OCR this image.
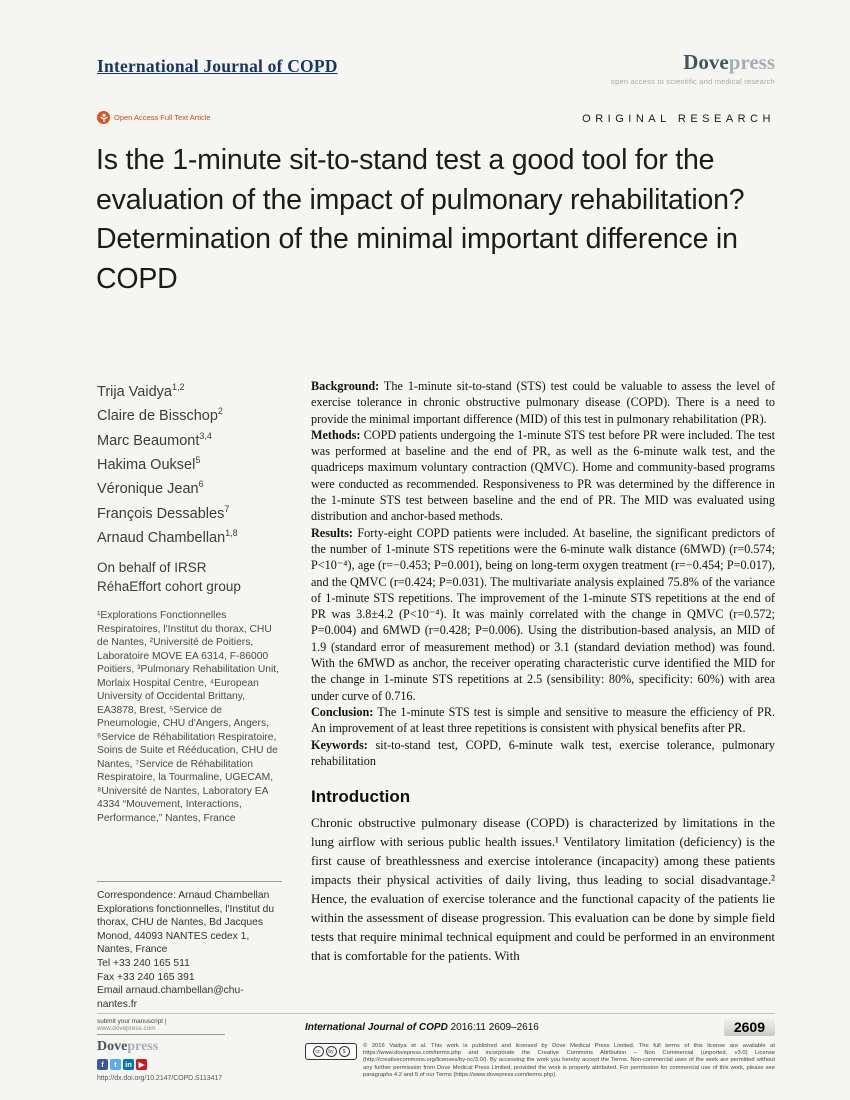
International Journal of COPD	Dovepress
open access to scientific and medical research
Open Access Full Text Article	ORIGINAL RESEARCH
Is the 1-minute sit-to-stand test a good tool for the evaluation of the impact of pulmonary rehabilitation? Determination of the minimal important difference in COPD
Trija Vaidya$^{1,2}$
Claire de Bisschop$^2$
Marc Beaumont$^{3,4}$
Hakima Ouksel$^5$
Véronique Jean$^6$
François Dessables$^7$
Arnaud Chambellan$^{1,8}$
On behalf of IRSR RéhaEffort cohort group
¹Explorations Fonctionnelles Respiratoires, l'Institut du thorax, CHU de Nantes, ²Université de Poitiers, Laboratoire MOVE EA 6314, F-86000 Poitiers, ³Pulmonary Rehabilitation Unit, Morlaix Hospital Centre, ⁴European University of Occidental Brittany, EA3878, Brest, ⁵Service de Pneumologie, CHU d'Angers, Angers, ⁶Service de Réhabilitation Respiratoire, Soins de Suite et Rééducation, CHU de Nantes, ⁷Service de Réhabilitation Respiratoire, la Tourmaline, UGECAM, ⁸Université de Nantes, Laboratory EA 4334 “Mouvement, Interactions, Performance,” Nantes, France
Correspondence: Arnaud Chambellan
Explorations fonctionnelles, l'Institut du thorax, CHU de Nantes, Bd Jacques Monod, 44093 NANTES cedex 1, Nantes, France
Tel +33 240 165 511
Fax +33 240 165 391
Email arnaud.chambellan@chu-nantes.fr

Background: The 1-minute sit-to-stand (STS) test could be valuable to assess the level of exercise tolerance in chronic obstructive pulmonary disease (COPD). There is a need to provide the minimal important difference (MID) of this test in pulmonary rehabilitation (PR).

Methods: COPD patients undergoing the 1-minute STS test before PR were included. The test was performed at baseline and the end of PR, as well as the 6-minute walk test, and the quadriceps maximum voluntary contraction (QMVC). Home and community-based programs were conducted as recommended. Responsiveness to PR was determined by the difference in the 1-minute STS test between baseline and the end of PR. The MID was evaluated using distribution and anchor-based methods.

Results: Forty-eight COPD patients were included. At baseline, the significant predictors of the number of 1-minute STS repetitions were the 6-minute walk distance (6MWD) (r=0.574; P<10⁻⁴), age (r=−0.453; P=0.001), being on long-term oxygen treatment (r=−0.454; P=0.017), and the QMVC (r=0.424; P=0.031). The multivariate analysis explained 75.8% of the variance of 1-minute STS repetitions. The improvement of the 1-minute STS repetitions at the end of PR was 3.8±4.2 (P<10⁻⁴). It was mainly correlated with the change in QMVC (r=0.572; P=0.004) and 6MWD (r=0.428; P=0.006). Using the distribution-based analysis, an MID of 1.9 (standard error of measurement method) or 3.1 (standard deviation method) was found. With the 6MWD as anchor, the receiver operating characteristic curve identified the MID for the change in 1-minute STS repetitions at 2.5 (sensibility: 80%, specificity: 60%) with area under curve of 0.716.

Conclusion: The 1-minute STS test is simple and sensitive to measure the efficiency of PR. An improvement of at least three repetitions is consistent with physical benefits after PR.

Keywords: sit-to-stand test, COPD, 6-minute walk test, exercise tolerance, pulmonary rehabilitation

Introduction

Chronic obstructive pulmonary disease (COPD) is characterized by limitations in the lung airflow with serious public health issues.¹ Ventilatory limitation (deficiency) is the first cause of breathlessness and exercise intolerance (incapacity) among these patients impacts their physical activities of daily living, thus leading to social disadvantage.² Hence, the evaluation of exercise tolerance and the functional capacity of the patients lie within the assessment of disease progression. This evaluation can be done by simple field tests that require minimal technical equipment and could be performed in an environment that is comfortable for the patients. With

submit your manuscript | www.dovepress.com
Dovepress
f	t	in ▶
http://dx.doi.org/10.2147/COPD.S113417
International Journal of COPD 2016:11 2609–2616	2609
cc	by	$
© 2016 Vaidya et al. This work is published and licensed by Dove Medical Press Limited. The full terms of this license are available at https://www.dovepress.com/terms.php and incorporate the Creative Commons Attribution – Non Commercial (unported, v3.0) License (http://creativecommons.org/licenses/by-nc/3.0/). By accessing the work you hereby accept the Terms. Non-commercial uses of the work are permitted without any further permission from Dove Medical Press Limited, provided the work is properly attributed. For permission for commercial use of this work, please see paragraphs 4.2 and 5 of our Terms (https://www.dovepress.com/terms.php).
